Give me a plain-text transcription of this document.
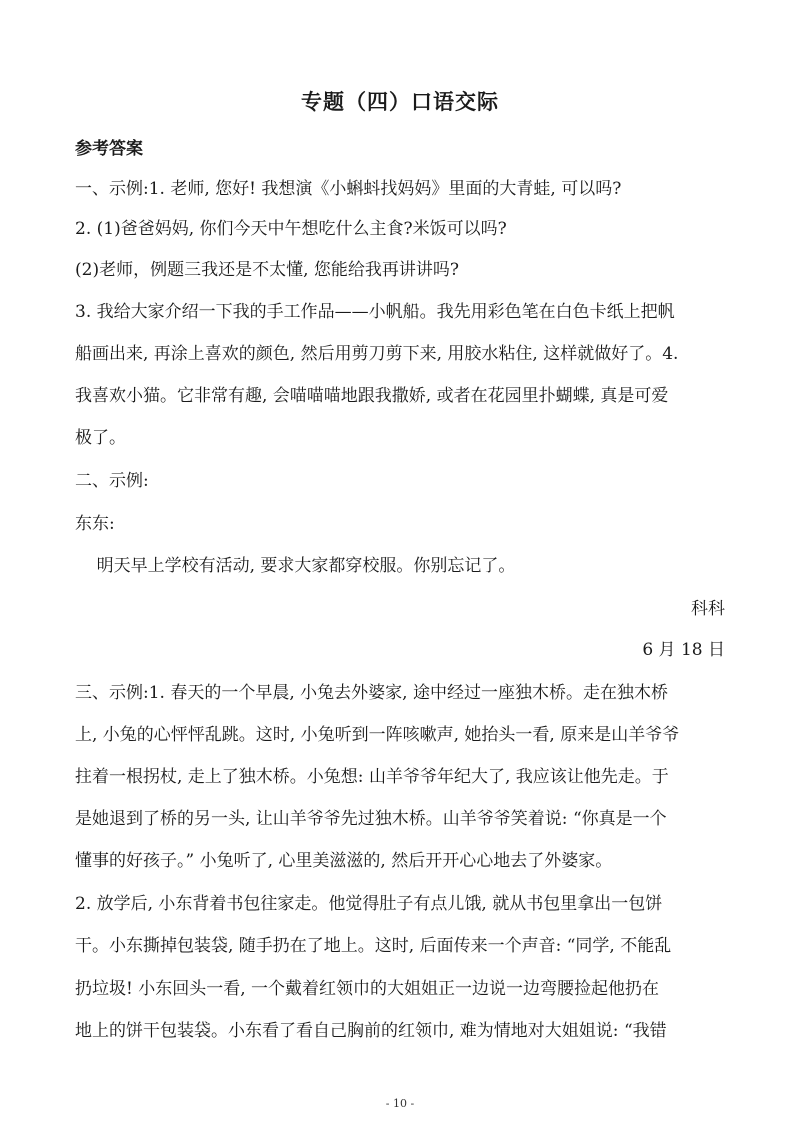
专题（四）口语交际
参考答案
一、示例:1. 老师, 您好! 我想演《小蝌蚪找妈妈》里面的大青蛙, 可以吗?
2. (1)爸爸妈妈, 你们今天中午想吃什么主食?米饭可以吗?
(2)老师，例题三我还是不太懂, 您能给我再讲讲吗?
3. 我给大家介绍一下我的手工作品——小帆船。我先用彩色笔在白色卡纸上把帆
船画出来, 再涂上喜欢的颜色, 然后用剪刀剪下来, 用胶水粘住, 这样就做好了。4.
我喜欢小猫。它非常有趣, 会喵喵喵地跟我撒娇, 或者在花园里扑蝴蝶, 真是可爱
极了。
二、示例:
东东:
明天早上学校有活动, 要求大家都穿校服。你别忘记了。
科科
6 月 18 日
三、示例:1. 春天的一个早晨, 小兔去外婆家, 途中经过一座独木桥。走在独木桥
上, 小兔的心怦怦乱跳。这时, 小兔听到一阵咳嗽声, 她抬头一看, 原来是山羊爷爷
拄着一根拐杖, 走上了独木桥。小兔想: 山羊爷爷年纪大了, 我应该让他先走。于
是她退到了桥的另一头, 让山羊爷爷先过独木桥。山羊爷爷笑着说: “你真是一个
懂事的好孩子。” 小兔听了, 心里美滋滋的, 然后开开心心地去了外婆家。
2. 放学后, 小东背着书包往家走。他觉得肚子有点儿饿, 就从书包里拿出一包饼
干。小东撕掉包装袋, 随手扔在了地上。这时, 后面传来一个声音: “同学, 不能乱
扔垃圾! 小东回头一看, 一个戴着红领巾的大姐姐正一边说一边弯腰捡起他扔在
地上的饼干包装袋。小东看了看自己胸前的红领巾, 难为情地对大姐姐说: “我错
- 10 -
